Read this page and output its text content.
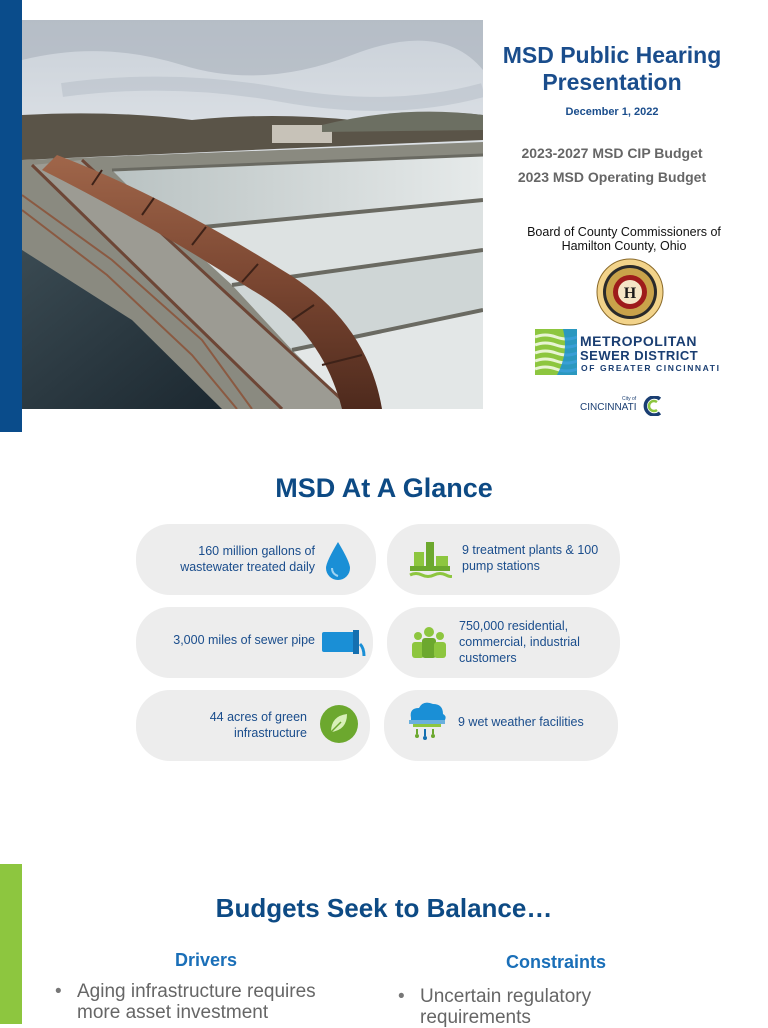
MSD Public Hearing
Presentation
December 1, 2022
2023-2027 MSD CIP Budget
2023 MSD Operating Budget
Board of County Commissioners of
Hamilton County, Ohio
H
METROPOLITAN
SEWER DISTRICT
OF GREATER CINCINNATI
City of
CINCINNATI
MSD At A Glance
160 million gallons of
wastewater treated daily
9 treatment plants & 100
pump stations
3,000 miles of sewer pipe
750,000 residential,
commercial, industrial
customers
44 acres of green
infrastructure
9 wet weather facilities
Budgets Seek to Balance…
Drivers	Constraints
• Aging infrastructure requires
more asset investment
• Uncertain regulatory
requirements
